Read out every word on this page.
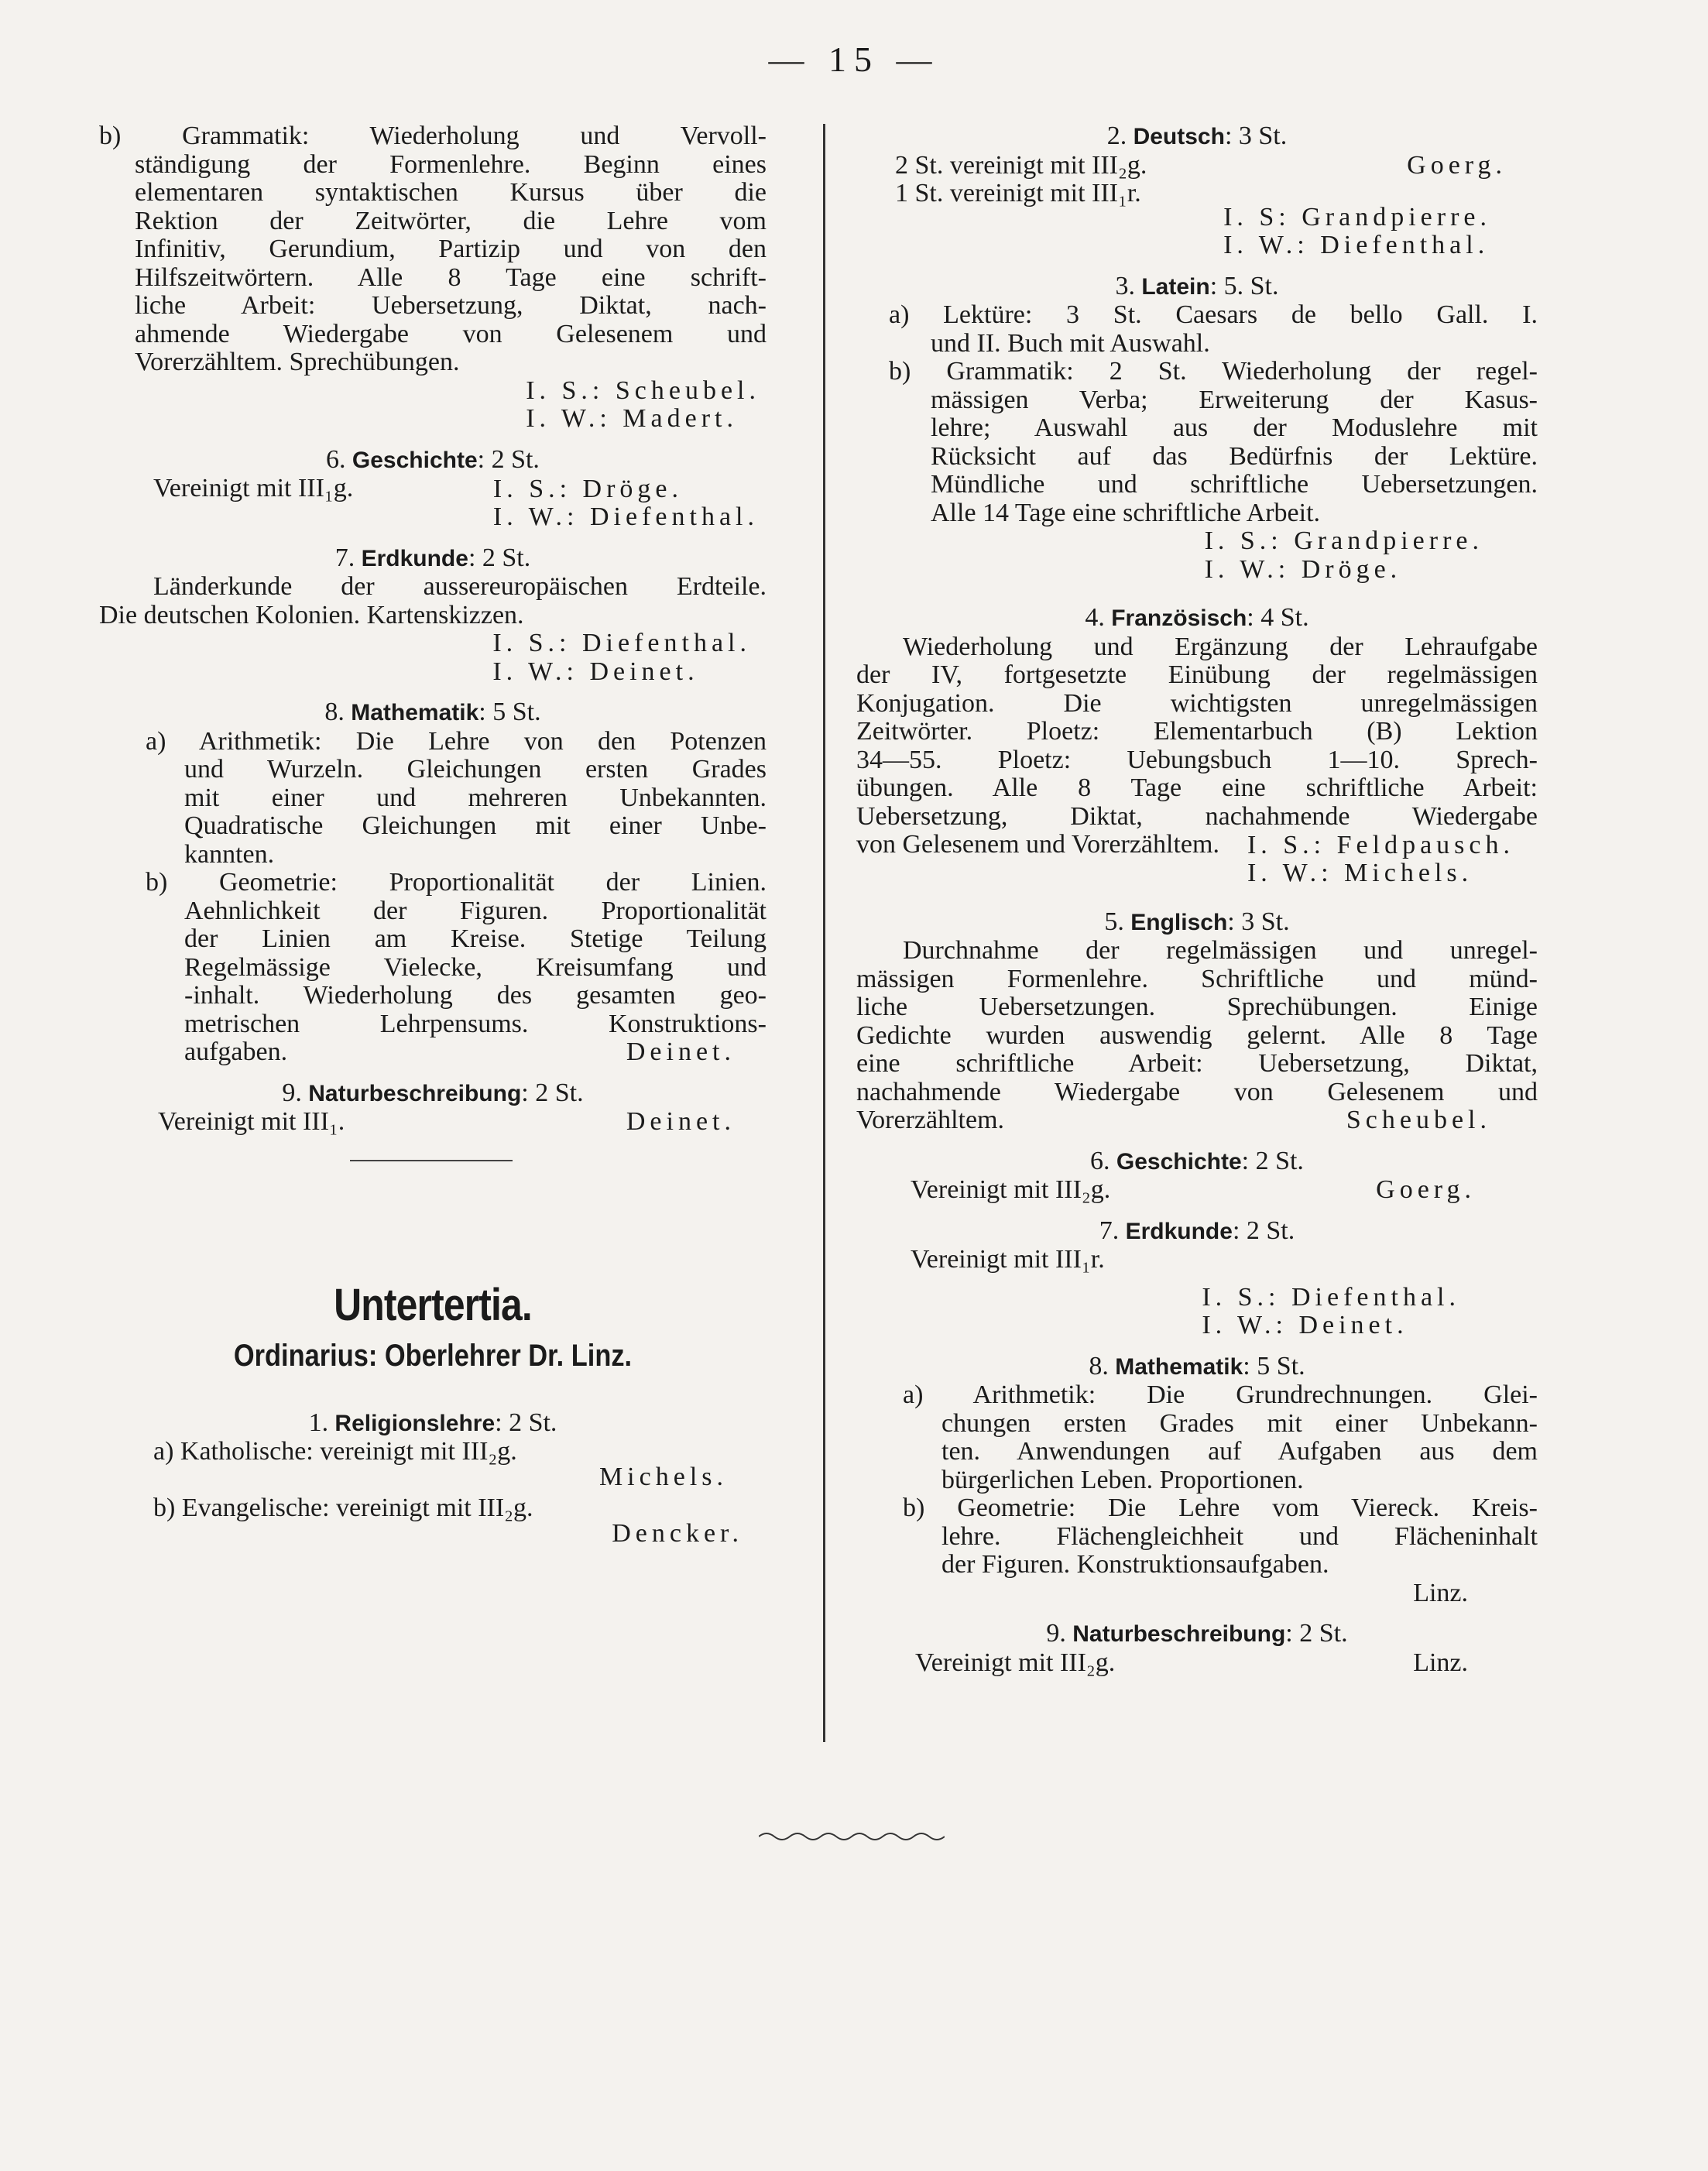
— 15 —

b) Grammatik: Wiederholung und Vervoll-

ständigung der Formenlehre. Beginn eines

elementaren syntaktischen Kursus über die

Rektion der Zeitwörter, die Lehre vom

Infinitiv, Gerundium, Partizip und von den

Hilfszeitwörtern. Alle 8 Tage eine schrift-

liche Arbeit: Uebersetzung, Diktat, nach-

ahmende Wiedergabe von Gelesenem und

Vorerzähltem. Sprechübungen.

I. S.: Scheubel.

I. W.: Madert.

6. Geschichte: 2 St.

Vereinigt mit III₁g.	I. S.: Dröge.

I. W.: Diefenthal.

7. Erdkunde: 2 St.

Länderkunde der aussereuropäischen Erdteile.

Die deutschen Kolonien. Kartenskizzen.

I. S.: Diefenthal.

I. W.: Deinet.

8. Mathematik: 5 St.

a) Arithmetik: Die Lehre von den Potenzen

und Wurzeln. Gleichungen ersten Grades

mit einer und mehreren Unbekannten.

Quadratische Gleichungen mit einer Unbe-

kannten.

b) Geometrie: Proportionalität der Linien.

Aehnlichkeit der Figuren. Proportionalität

der Linien am Kreise. Stetige Teilung

Regelmässige Vielecke, Kreisumfang und

-inhalt. Wiederholung des gesamten geo-

metrischen Lehrpensums. Konstruktions-

aufgaben.	Deinet.

9. Naturbeschreibung: 2 St.

Vereinigt mit III₁.	Deinet.

Untertertia.
Ordinarius: Oberlehrer Dr. Linz.

1. Religionslehre: 2 St.

a) Katholische: vereinigt mit III₂g.

Michels.

b) Evangelische: vereinigt mit III₂g.

Dencker.

2. Deutsch: 3 St.

2 St. vereinigt mit III₂g.	Goerg.

1 St. vereinigt mit III₁r.

I. S: Grandpierre.

I. W.: Diefenthal.

3. Latein: 5. St.

a) Lektüre: 3 St. Caesars de bello Gall. I.

und II. Buch mit Auswahl.

b) Grammatik: 2 St. Wiederholung der regel-

mässigen Verba; Erweiterung der Kasus-

lehre; Auswahl aus der Moduslehre mit

Rücksicht auf das Bedürfnis der Lektüre.

Mündliche und schriftliche Uebersetzungen.

Alle 14 Tage eine schriftliche Arbeit.

I. S.: Grandpierre.

I. W.: Dröge.

4. Französisch: 4 St.

Wiederholung und Ergänzung der Lehraufgabe

der IV, fortgesetzte Einübung der regelmässigen

Konjugation. Die wichtigsten unregelmässigen

Zeitwörter. Ploetz: Elementarbuch (B) Lektion

34—55. Ploetz: Uebungsbuch 1—10. Sprech-

übungen. Alle 8 Tage eine schriftliche Arbeit:

Uebersetzung, Diktat, nachahmende Wiedergabe

von Gelesenem und Vorerzähltem.	I. S.: Feldpausch.

I. W.: Michels.

5. Englisch: 3 St.

Durchnahme der regelmässigen und unregel-

mässigen Formenlehre. Schriftliche und münd-

liche Uebersetzungen. Sprechübungen. Einige

Gedichte wurden auswendig gelernt. Alle 8 Tage

eine schriftliche Arbeit: Uebersetzung, Diktat,

nachahmende Wiedergabe von Gelesenem und

Vorerzähltem.	Scheubel.

6. Geschichte: 2 St.

Vereinigt mit III₂g.	Goerg.

7. Erdkunde: 2 St.

Vereinigt mit III₁r.

I. S.: Diefenthal.

I. W.: Deinet.

8. Mathematik: 5 St.

a) Arithmetik: Die Grundrechnungen. Glei-

chungen ersten Grades mit einer Unbekann-

ten. Anwendungen auf Aufgaben aus dem

bürgerlichen Leben. Proportionen.

b) Geometrie: Die Lehre vom Viereck. Kreis-

lehre. Flächengleichheit und Flächeninhalt

der Figuren. Konstruktionsaufgaben.

Linz.

9. Naturbeschreibung: 2 St.

Vereinigt mit III₂g.	Linz.
